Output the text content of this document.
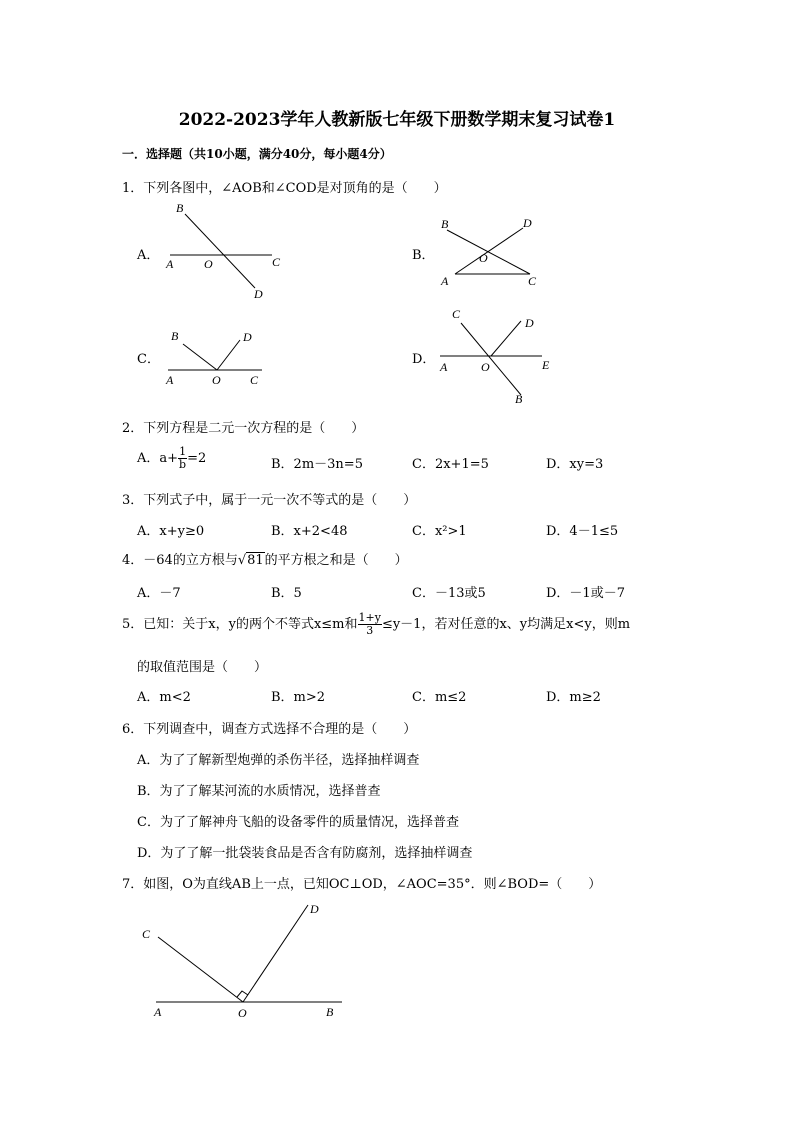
2022-2023学年人教新版七年级下册数学期末复习试卷1
一．选择题（共10小题，满分40分，每小题4分）
1．下列各图中，∠AOB和∠COD是对顶角的是（　　）
A．	B．
C．	D．
B
A	O	C
D
B	D
O
A	C
B	D
A	O C
C
D
A	O	E
B
2．下列方程是二元一次方程的是（　　）
A．$a+ \frac{1}{b} =2$	B．2m－3n=5	C．2x+1=5	D．xy=3
3．下列式子中，属于一元一次不等式的是（　　）
A．x+y≥0	B．x+2<48	C．x²>1	D．4－1≤5
4．－64的立方根与√81的平方根之和是（　　）
A．－7	B．5	C．－13或5	D．－1或－7
5．已知：关于x，y的两个不等式x≤m和 $\frac{1+y}{3} \le y-1$，若对任意的x、y均满足x<y，则m
的取值范围是（　　）
A．m<2	B．m>2	C．m≤2	D．m≥2
6．下列调查中，调查方式选择不合理的是（　　）
A．为了了解新型炮弹的杀伤半径，选择抽样调查
B．为了了解某河流的水质情况，选择普查
C．为了了解神舟飞船的设备零件的质量情况，选择普查
D．为了了解一批袋装食品是否含有防腐剂，选择抽样调查
7．如图，O为直线AB上一点，已知OC⊥OD，∠AOC=35°．则∠BOD=（　　）
C
D
A	O	B
